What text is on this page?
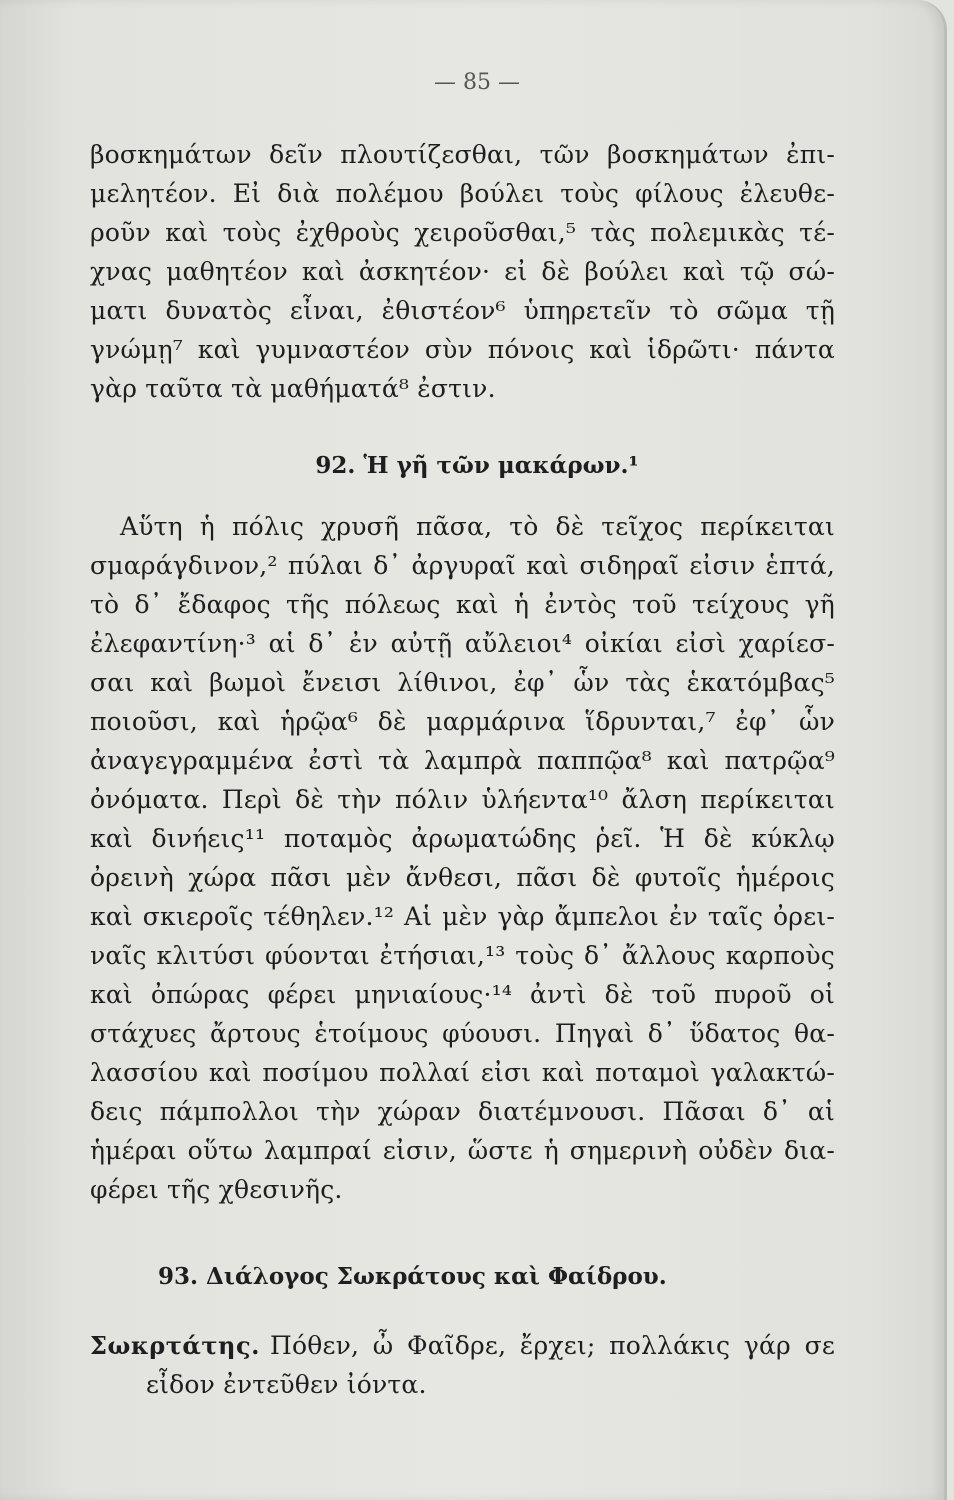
— 85 —
βοσκημάτων δεῖν πλουτίζεσθαι, τῶν βοσκημάτων ἐπι-
μελητέον. Εἰ διὰ πολέμου βούλει τοὺς φίλους ἐλευθε-
ροῦν καὶ τοὺς ἐχθροὺς χειροῦσθαι,⁵ τὰς πολεμικὰς τέ-
χνας μαθητέον καὶ ἀσκητέον· εἰ δὲ βούλει καὶ τῷ σώ-
ματι δυνατὸς εἶναι, ἐθιστέον⁶ ὑπηρετεῖν τὸ σῶμα τῇ
γνώμῃ⁷ καὶ γυμναστέον σὺν πόνοις καὶ ἱδρῶτι· πάντα
γὰρ ταῦτα τὰ μαθήματά⁸ ἐστιν.
92. Ἡ γῆ τῶν μακάρων.¹
Αὕτη ἡ πόλις χρυσῆ πᾶσα, τὸ δὲ τεῖχος περίκειται
σμαράγδινον,² πύλαι δ᾽ ἀργυραῖ καὶ σιδηραῖ εἰσιν ἑπτά,
τὸ δ᾽ ἔδαφος τῆς πόλεως καὶ ἡ ἐντὸς τοῦ τείχους γῆ
ἐλεφαντίνη·³ αἱ δ᾽ ἐν αὐτῇ αὔλειοι⁴ οἰκίαι εἰσὶ χαρίεσ-
σαι καὶ βωμοὶ ἔνεισι λίθινοι, ἐφ᾽ ὧν τὰς ἑκατόμβας⁵
ποιοῦσι, καὶ ἡρῷα⁶ δὲ μαρμάρινα ἵδρυνται,⁷ ἐφ᾽ ὧν
ἀναγεγραμμένα ἐστὶ τὰ λαμπρὰ παππῷα⁸ καὶ πατρῷα⁹
ὀνόματα. Περὶ δὲ τὴν πόλιν ὑλήεντα¹⁰ ἄλση περίκειται
καὶ δινήεις¹¹ ποταμὸς ἀρωματώδης ῥεῖ. Ἡ δὲ κύκλῳ
ὀρεινὴ χώρα πᾶσι μὲν ἄνθεσι, πᾶσι δὲ φυτοῖς ἡμέροις
καὶ σκιεροῖς τέθηλεν.¹² Αἱ μὲν γὰρ ἄμπελοι ἐν ταῖς ὀρει-
ναῖς κλιτύσι φύονται ἐτήσιαι,¹³ τοὺς δ᾽ ἄλλους καρποὺς
καὶ ὀπώρας φέρει μηνιαίους·¹⁴ ἀντὶ δὲ τοῦ πυροῦ οἱ
στάχυες ἄρτους ἑτοίμους φύουσι. Πηγαὶ δ᾽ ὕδατος θα-
λασσίου καὶ ποσίμου πολλαί εἰσι καὶ ποταμοὶ γαλακτώ-
δεις πάμπολλοι τὴν χώραν διατέμνουσι. Πᾶσαι δ᾽ αἱ
ἡμέραι οὕτω λαμπραί εἰσιν, ὥστε ἡ σημερινὴ οὐδὲν δια-
φέρει τῆς χθεσινῆς.
93. Διάλογος Σωκράτους καὶ Φαίδρου.
Σωκρτάτης. Πόθεν, ὦ Φαῖδρε, ἔρχει; πολλάκις γάρ σε
εἶδον ἐντεῦθεν ἰόντα.
